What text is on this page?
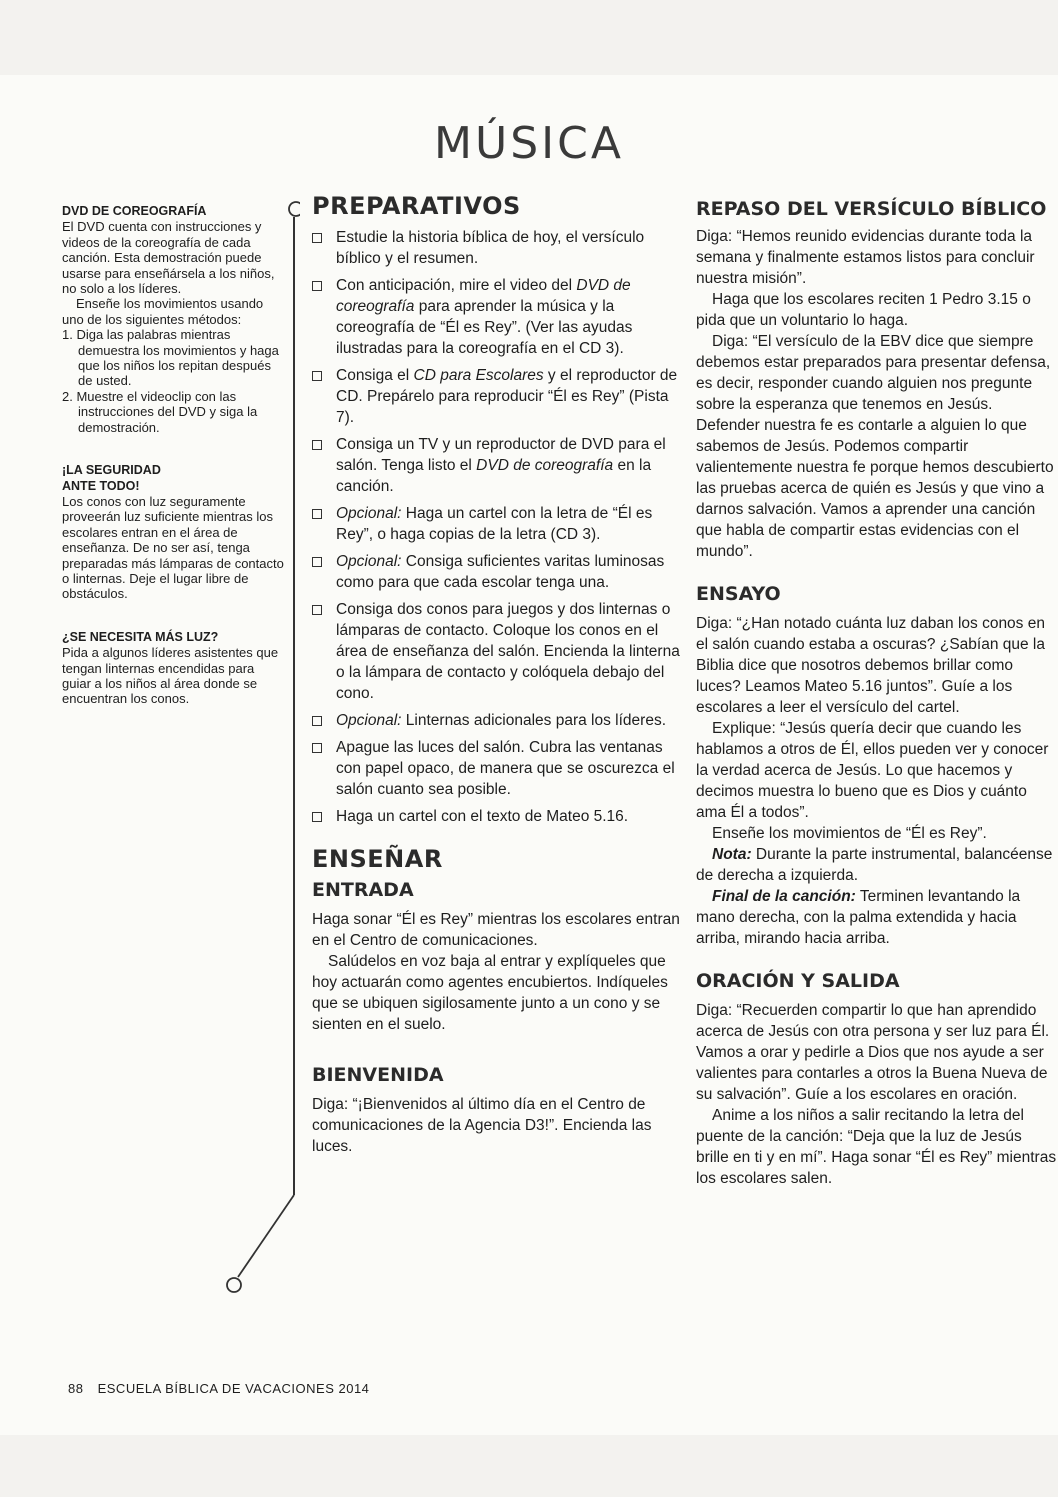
MÚSICA

DVD DE COREOGRAFÍA

El DVD cuenta con instrucciones y videos de la coreografía de cada canción. Esta demostración puede usarse para enseñársela a los niños, no solo a los líderes.

Enseñe los movimientos usando uno de los siguientes métodos:

1. Diga las palabras mientras demuestra los movimientos y haga que los niños los repitan después de usted.
2. Muestre el videoclip con las instrucciones del DVD y siga la demostración.

¡LA SEGURIDAD ANTE TODO!

Los conos con luz seguramente proveerán luz suficiente mientras los escolares entran en el área de enseñanza. De no ser así, tenga preparadas más lámparas de contacto o linternas. Deje el lugar libre de obstáculos.

¿SE NECESITA MÁS LUZ?

Pida a algunos líderes asistentes que tengan linternas encendidas para guiar a los niños al área donde se encuentran los conos.

PREPARATIVOS
Estudie la historia bíblica de hoy, el versículo bíblico y el resumen.
Con anticipación, mire el video del DVD de coreografía para aprender la música y la coreografía de “Él es Rey”. (Ver las ayudas ilustradas para la coreografía en el CD 3).
Consiga el CD para Escolares y el reproductor de CD. Prepárelo para reproducir “Él es Rey” (Pista 7).
Consiga un TV y un reproductor de DVD para el salón. Tenga listo el DVD de coreografía en la canción.
Opcional: Haga un cartel con la letra de “Él es Rey”, o haga copias de la letra (CD 3).
Opcional: Consiga suficientes varitas luminosas como para que cada escolar tenga una.
Consiga dos conos para juegos y dos linternas o lámparas de contacto. Coloque los conos en el área de enseñanza del salón. Encienda la linterna o la lámpara de contacto y colóquela debajo del cono.
Opcional: Linternas adicionales para los líderes.
Apague las luces del salón. Cubra las ventanas con papel opaco, de manera que se oscurezca el salón cuanto sea posible.
Haga un cartel con el texto de Mateo 5.16.
ENSEÑAR
ENTRADA

Haga sonar “Él es Rey” mientras los escolares entran en el Centro de comunicaciones.

Salúdelos en voz baja al entrar y explíqueles que hoy actuarán como agentes encubiertos. Indíqueles que se ubiquen sigilosamente junto a un cono y se sienten en el suelo.

BIENVENIDA

Diga: “¡Bienvenidos al último día en el Centro de comunicaciones de la Agencia D3!”. Encienda las luces.

REPASO DEL VERSÍCULO BÍBLICO

Diga: “Hemos reunido evidencias durante toda la semana y finalmente estamos listos para concluir nuestra misión”.

Haga que los escolares reciten 1 Pedro 3.15 o pida que un voluntario lo haga.

Diga: “El versículo de la EBV dice que siempre debemos estar preparados para presentar defensa, es decir, responder cuando alguien nos pregunte sobre la esperanza que tenemos en Jesús. Defender nuestra fe es contarle a alguien lo que sabemos de Jesús. Podemos compartir valientemente nuestra fe porque hemos descubierto las pruebas acerca de quién es Jesús y que vino a darnos salvación. Vamos a aprender una canción que habla de compartir estas evidencias con el mundo”.

ENSAYO

Diga: “¿Han notado cuánta luz daban los conos en el salón cuando estaba a oscuras? ¿Sabían que la Biblia dice que nosotros debemos brillar como luces? Leamos Mateo 5.16 juntos”. Guíe a los escolares a leer el versículo del cartel.

Explique: “Jesús quería decir que cuando les hablamos a otros de Él, ellos pueden ver y conocer la verdad acerca de Jesús. Lo que hacemos y decimos muestra lo bueno que es Dios y cuánto ama Él a todos”.

Enseñe los movimientos de “Él es Rey”.

Nota: Durante la parte instrumental, balancéense de derecha a izquierda.

Final de la canción: Terminen levantando la mano derecha, con la palma extendida y hacia arriba, mirando hacia arriba.

ORACIÓN Y SALIDA

Diga: “Recuerden compartir lo que han aprendido acerca de Jesús con otra persona y ser luz para Él. Vamos a orar y pedirle a Dios que nos ayude a ser valientes para contarles a otros la Buena Nueva de su salvación”. Guíe a los escolares en oración.

Anime a los niños a salir recitando la letra del puente de la canción: “Deja que la luz de Jesús brille en ti y en mí”. Haga sonar “Él es Rey” mientras los escolares salen.

88 ESCUELA BÍBLICA DE VACACIONES 2014
